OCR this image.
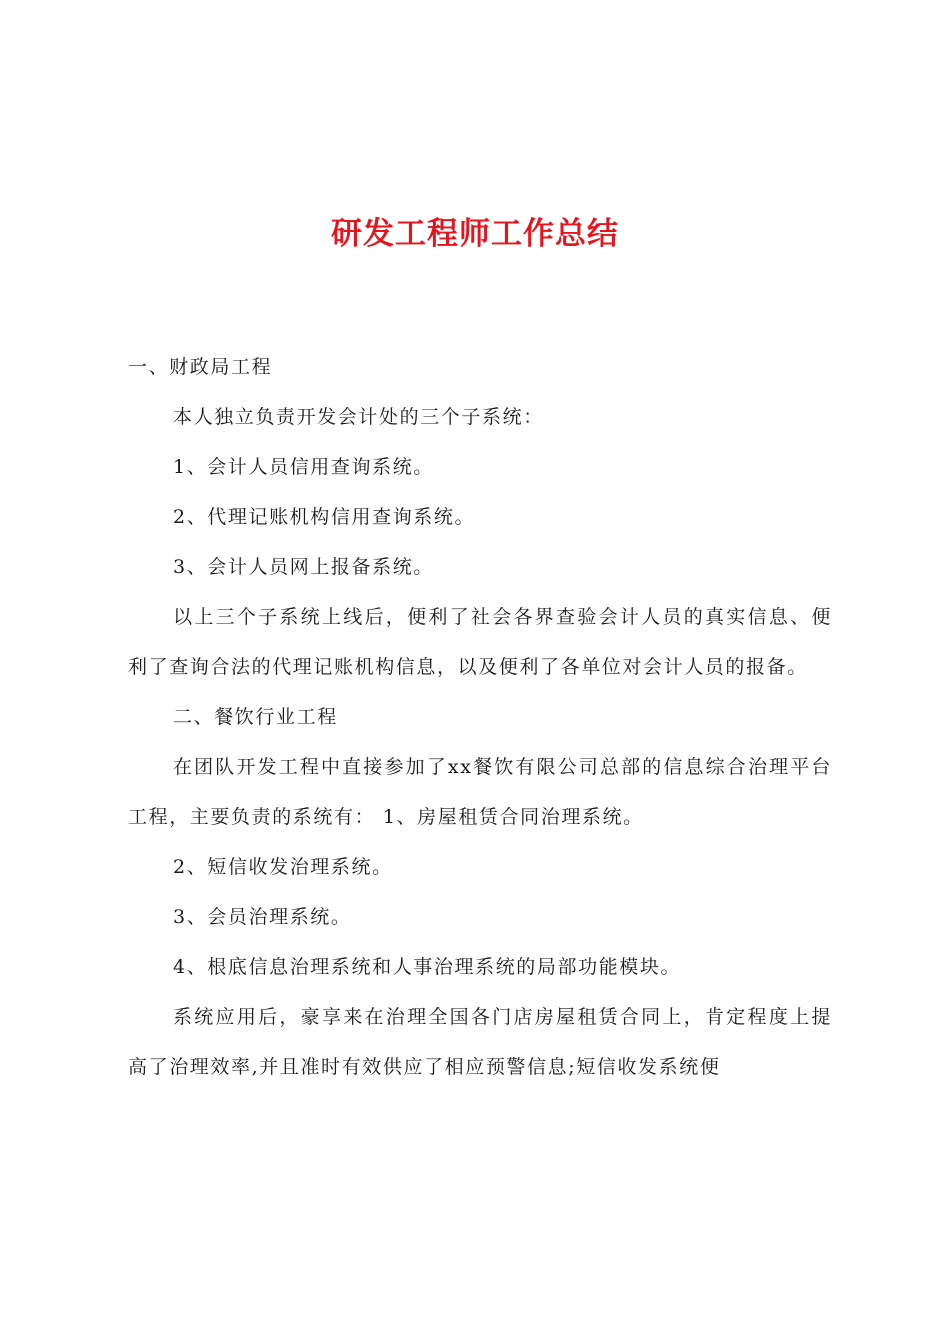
研发工程师工作总结

一、财政局工程

本人独立负责开发会计处的三个子系统：

1、会计人员信用查询系统。

2、代理记账机构信用查询系统。

3、会计人员网上报备系统。

以上三个子系统上线后，便利了社会各界查验会计人员的真实信息、便利了查询合法的代理记账机构信息，以及便利了各单位对会计人员的报备。

二、餐饮行业工程

在团队开发工程中直接参加了xx餐饮有限公司总部的信息综合治理平台工程，主要负责的系统有： 1、房屋租赁合同治理系统。

2、短信收发治理系统。

3、会员治理系统。

4、根底信息治理系统和人事治理系统的局部功能模块。

系统应用后，豪享来在治理全国各门店房屋租赁合同上，肯定程度上提高了治理效率,并且准时有效供应了相应预警信息;短信收发系统便
